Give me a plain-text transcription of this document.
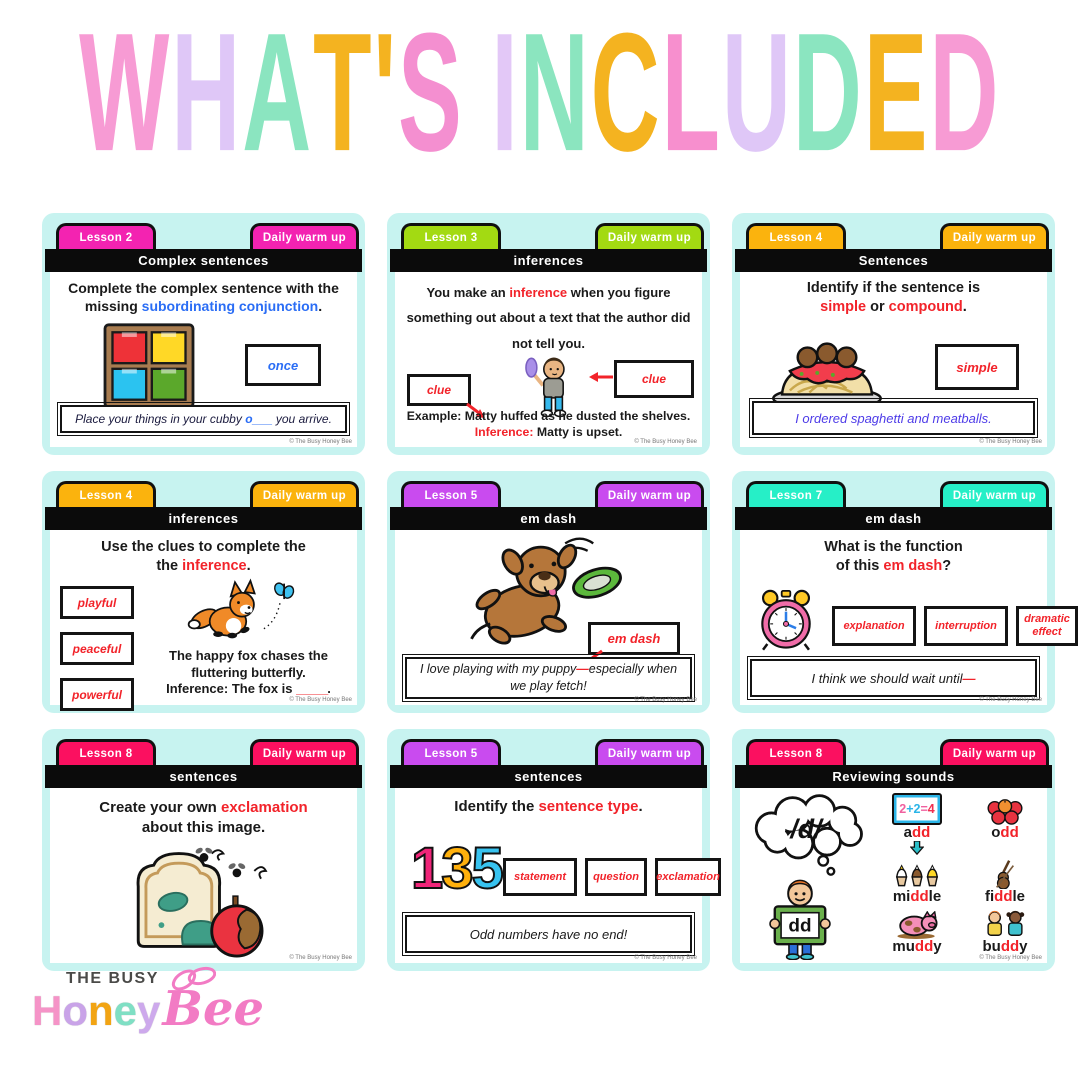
WHAT'S INCLUDED
Lesson 2	Daily warm up
Complex sentences
Complete the complex sentence with the missing subordinating conjunction.
once
Place your things in your cubby o___ you arrive.
© The Busy Honey Bee
Lesson 3	Daily warm up
inferences
You make an inference when you figure something out about a text that the author did not tell you.
clue
clue
Example: Matty huffed as he dusted the shelves.
Inference: Matty is upset.
© The Busy Honey Bee
Lesson 4	Daily warm up
Sentences
Identify if the sentence is
simple or compound.
simple
I ordered spaghetti and meatballs.
© The Busy Honey Bee
Lesson 4	Daily warm up
inferences
Use the clues to complete the
the inference.
playful
peaceful
powerful
The happy fox chases the
fluttering butterfly.
Inference: The fox is _____.
© The Busy Honey Bee
Lesson 5	Daily warm up
em dash
em dash
I love playing with my puppy—especially when
we play fetch!
© The Busy Honey Bee
Lesson 7	Daily warm up
em dash
What is the function
of this em dash?
explanation	interruption
dramatic effect
I think we should wait until—
© The Busy Honey Bee
Lesson 8	Daily warm up
sentences
Create your own exclamation
about this image.
© The Busy Honey Bee
Lesson 5	Daily warm up
sentences
Identify the sentence type.
135	statement	question	exclamation
Odd numbers have no end!
© The Busy Honey Bee
Lesson 8	Daily warm up
Reviewing sounds
/d/
dd
2 + 2 = 4
add	odd
middle	fiddle
muddy	buddy
© The Busy Honey Bee
THE BUSY
HoneyBee
